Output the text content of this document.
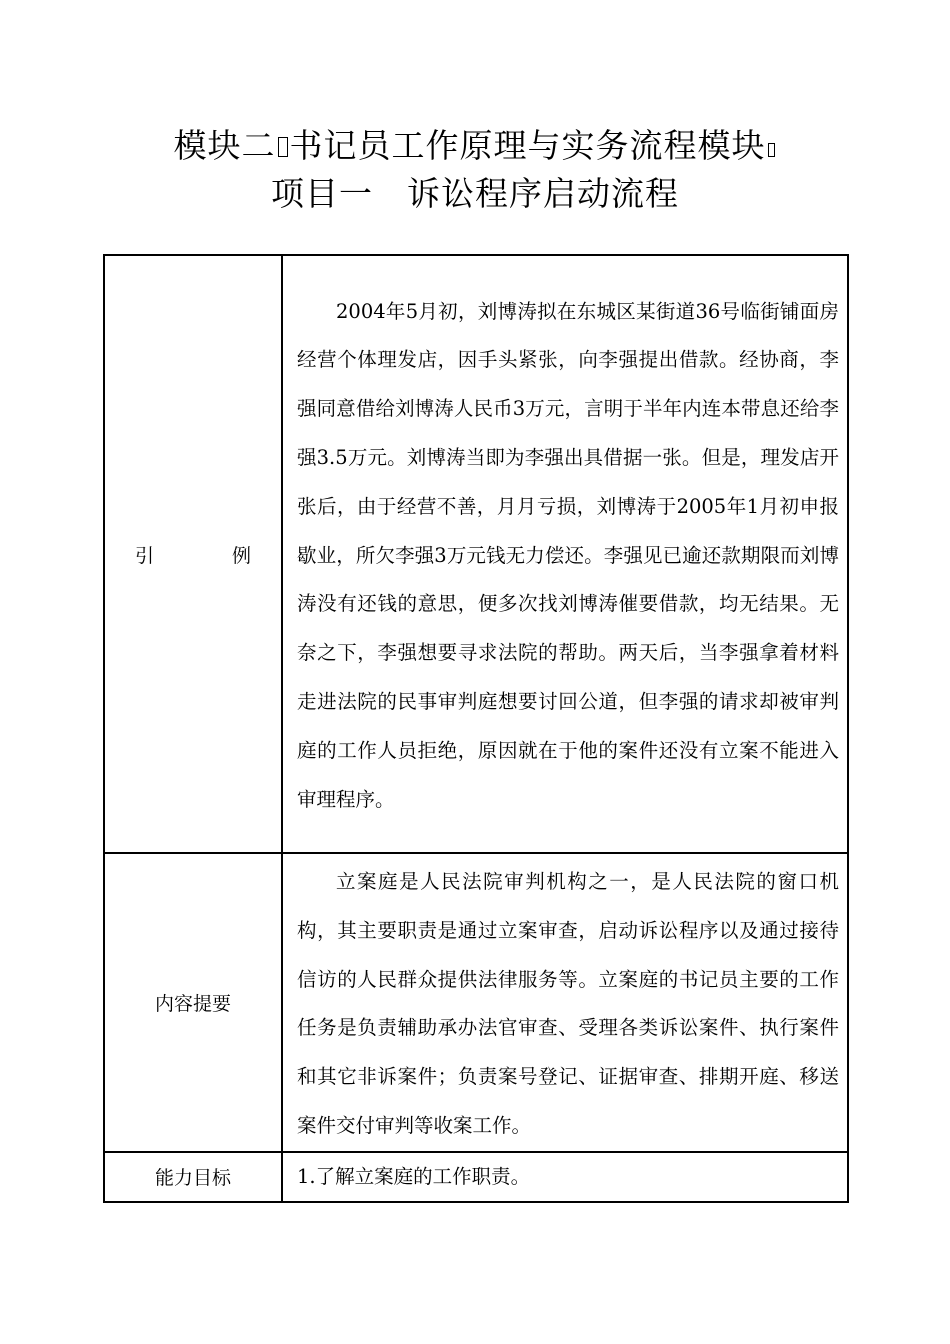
模块二 书记员工作原理与实务流程模块
项目一　诉讼程序启动流程
引 例	2004年5月初，刘博涛拟在东城区某街道36号临街铺面房经营个体理发店，因手头紧张，向李强提出借款。经协商，李强同意借给刘博涛人民币3万元，言明于半年内连本带息还给李强3.5万元。刘博涛当即为李强出具借据一张。但是，理发店开张后，由于经营不善，月月亏损，刘博涛于2005年1月初申报歇业，所欠李强3万元钱无力偿还。李强见已逾还款期限而刘博涛没有还钱的意思，便多次找刘博涛催要借款，均无结果。无奈之下，李强想要寻求法院的帮助。两天后，当李强拿着材料走进法院的民事审判庭想要讨回公道，但李强的请求却被审判庭的工作人员拒绝，原因就在于他的案件还没有立案不能进入审理程序。

内容提要	立案庭是人民法院审判机构之一，是人民法院的窗口机构，其主要职责是通过立案审查，启动诉讼程序以及通过接待信访的人民群众提供法律服务等。立案庭的书记员主要的工作任务是负责辅助承办法官审查、受理各类诉讼案件、执行案件和其它非诉案件；负责案号登记、证据审查、排期开庭、移送案件交付审判等收案工作。

能力目标	1.了解立案庭的工作职责。
